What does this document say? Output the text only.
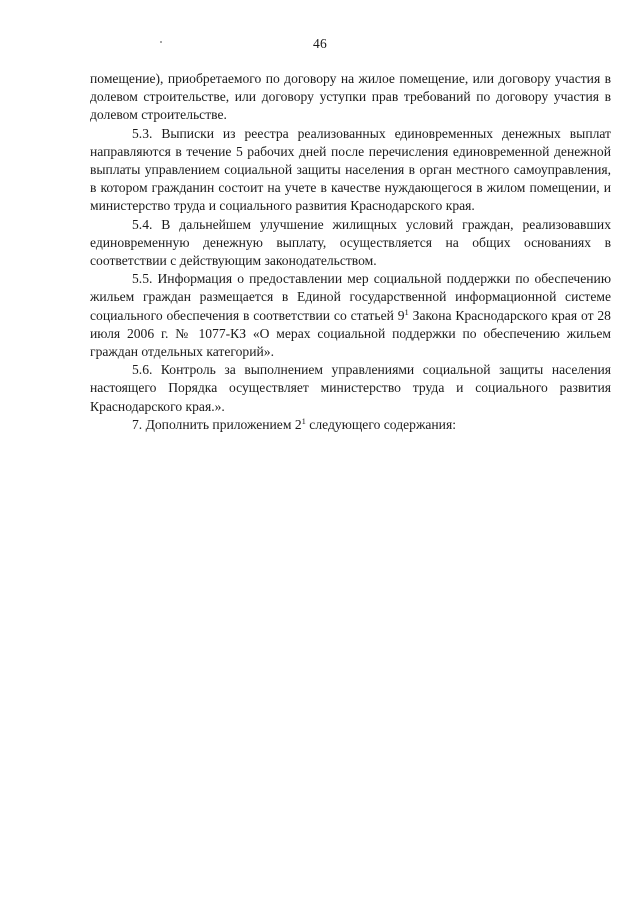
46

помещение), приобретаемого по договору на жилое помещение, или договору участия в долевом строительстве, или договору уступки прав требований по договору участия в долевом строительстве.

5.3. Выписки из реестра реализованных единовременных денежных выплат направляются в течение 5 рабочих дней после перечисления единовременной денежной выплаты управлением социальной защиты населения в орган местного самоуправления, в котором гражданин состоит на учете в качестве нуждающегося в жилом помещении, и министерство труда и социального развития Краснодарского края.

5.4. В дальнейшем улучшение жилищных условий граждан, реализовавших единовременную денежную выплату, осуществляется на общих основаниях в соответствии с действующим законодательством.

5.5. Информация о предоставлении мер социальной поддержки по обеспечению жильем граждан размещается в Единой государственной информационной системе социального обеспечения в соответствии со статьей $9^1$ Закона Краснодарского края от 28 июля 2006 г. № 1077-КЗ «О мерах социальной поддержки по обеспечению жильем граждан отдельных категорий».

5.6. Контроль за выполнением управлениями социальной защиты населения настоящего Порядка осуществляет министерство труда и социального развития Краснодарского края.».

7. Дополнить приложением $2^1$ следующего содержания:
